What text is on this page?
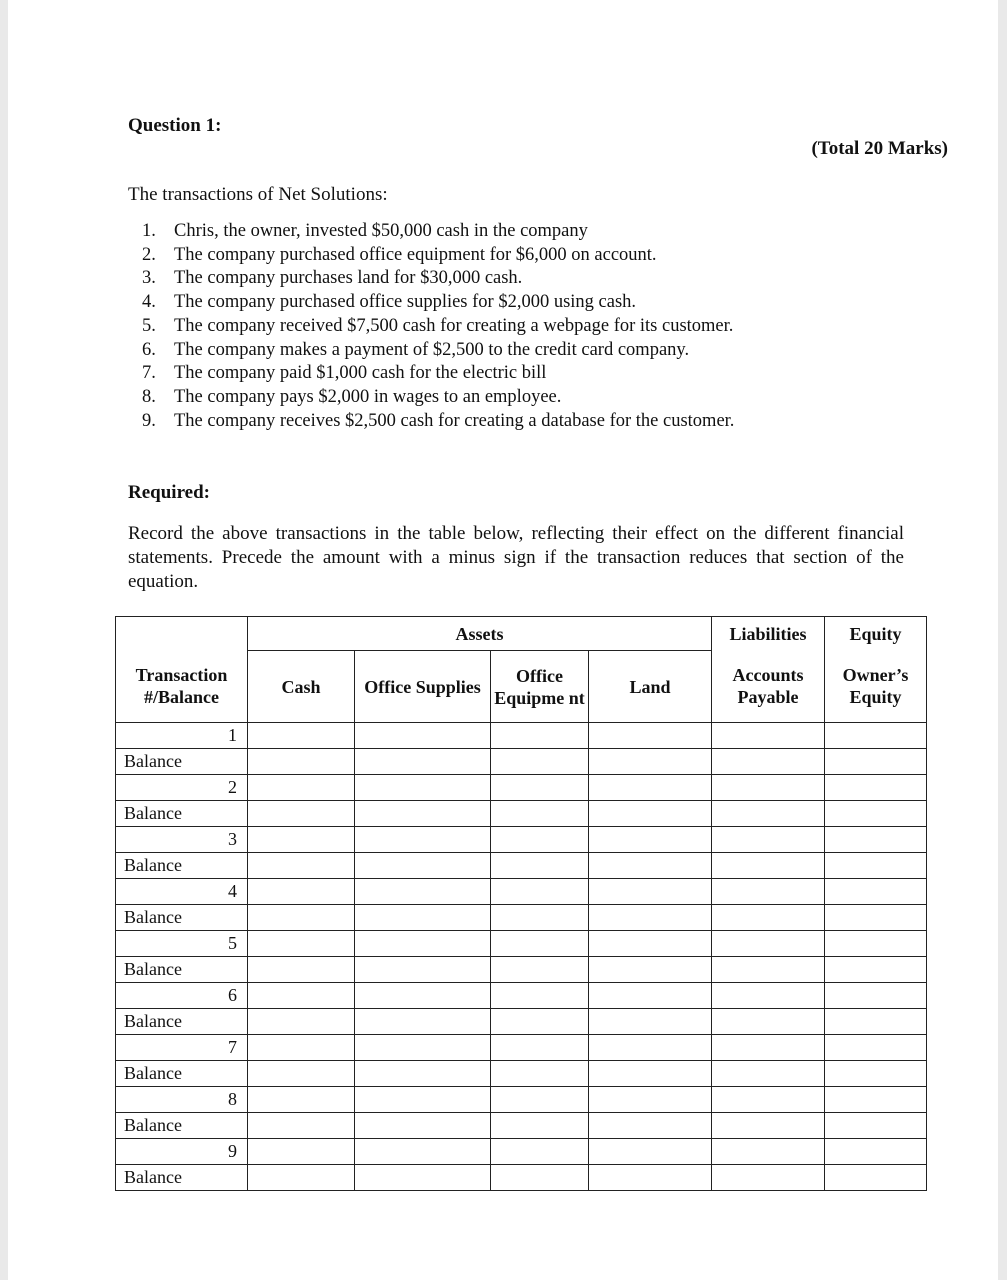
Question 1:
(Total 20 Marks)
The transactions of Net Solutions:
1. Chris, the owner, invested $50,000 cash in the company
2. The company purchased office equipment for $6,000 on account.
3. The company purchases land for $30,000 cash.
4. The company purchased office supplies for $2,000 using cash.
5. The company received $7,500 cash for creating a webpage for its customer.
6. The company makes a payment of $2,500 to the credit card company.
7. The company paid $1,000 cash for the electric bill
8. The company pays $2,000 in wages to an employee.
9. The company receives $2,500 cash for creating a database for the customer.
Required:
Record the above transactions in the table below, reflecting their effect on the different financial statements. Precede the amount with a minus sign if the transaction reduces that section of the equation.
	Assets				Liabilities	Equity
Transaction #/Balance	Cash	Office Supplies	Office Equipme nt	Land	Accounts Payable	Owner’s Equity
1						
Balance						
2						
Balance						
3						
Balance						
4						
Balance						
5						
Balance						
6						
Balance						
7						
Balance						
8						
Balance						
9						
Balance						
